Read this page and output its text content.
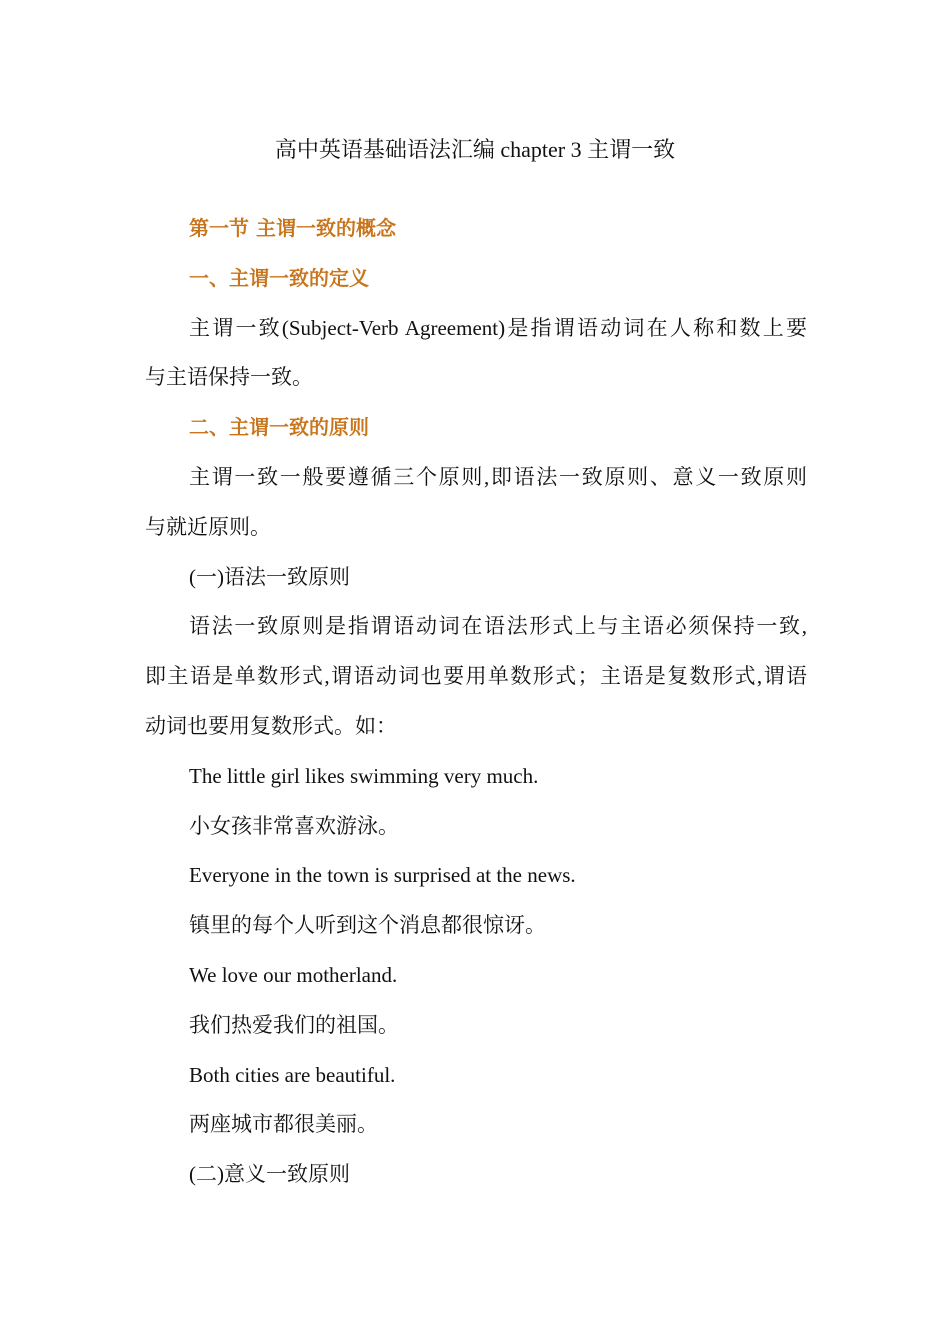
高中英语基础语法汇编 chapter 3 主谓一致
第一节 主谓一致的概念
一、主谓一致的定义
主谓一致(Subject-Verb Agreement)是指谓语动词在人称和数上要
与主语保持一致。
二、主谓一致的原则
主谓一致一般要遵循三个原则,即语法一致原则、意义一致原则
与就近原则。
(一)语法一致原则
语法一致原则是指谓语动词在语法形式上与主语必须保持一致,
即主语是单数形式,谓语动词也要用单数形式；主语是复数形式,谓语
动词也要用复数形式。如：
The little girl likes swimming very much.
小女孩非常喜欢游泳。
Everyone in the town is surprised at the news.
镇里的每个人听到这个消息都很惊讶。
We love our motherland.
我们热爱我们的祖国。
Both cities are beautiful.
两座城市都很美丽。
(二)意义一致原则
